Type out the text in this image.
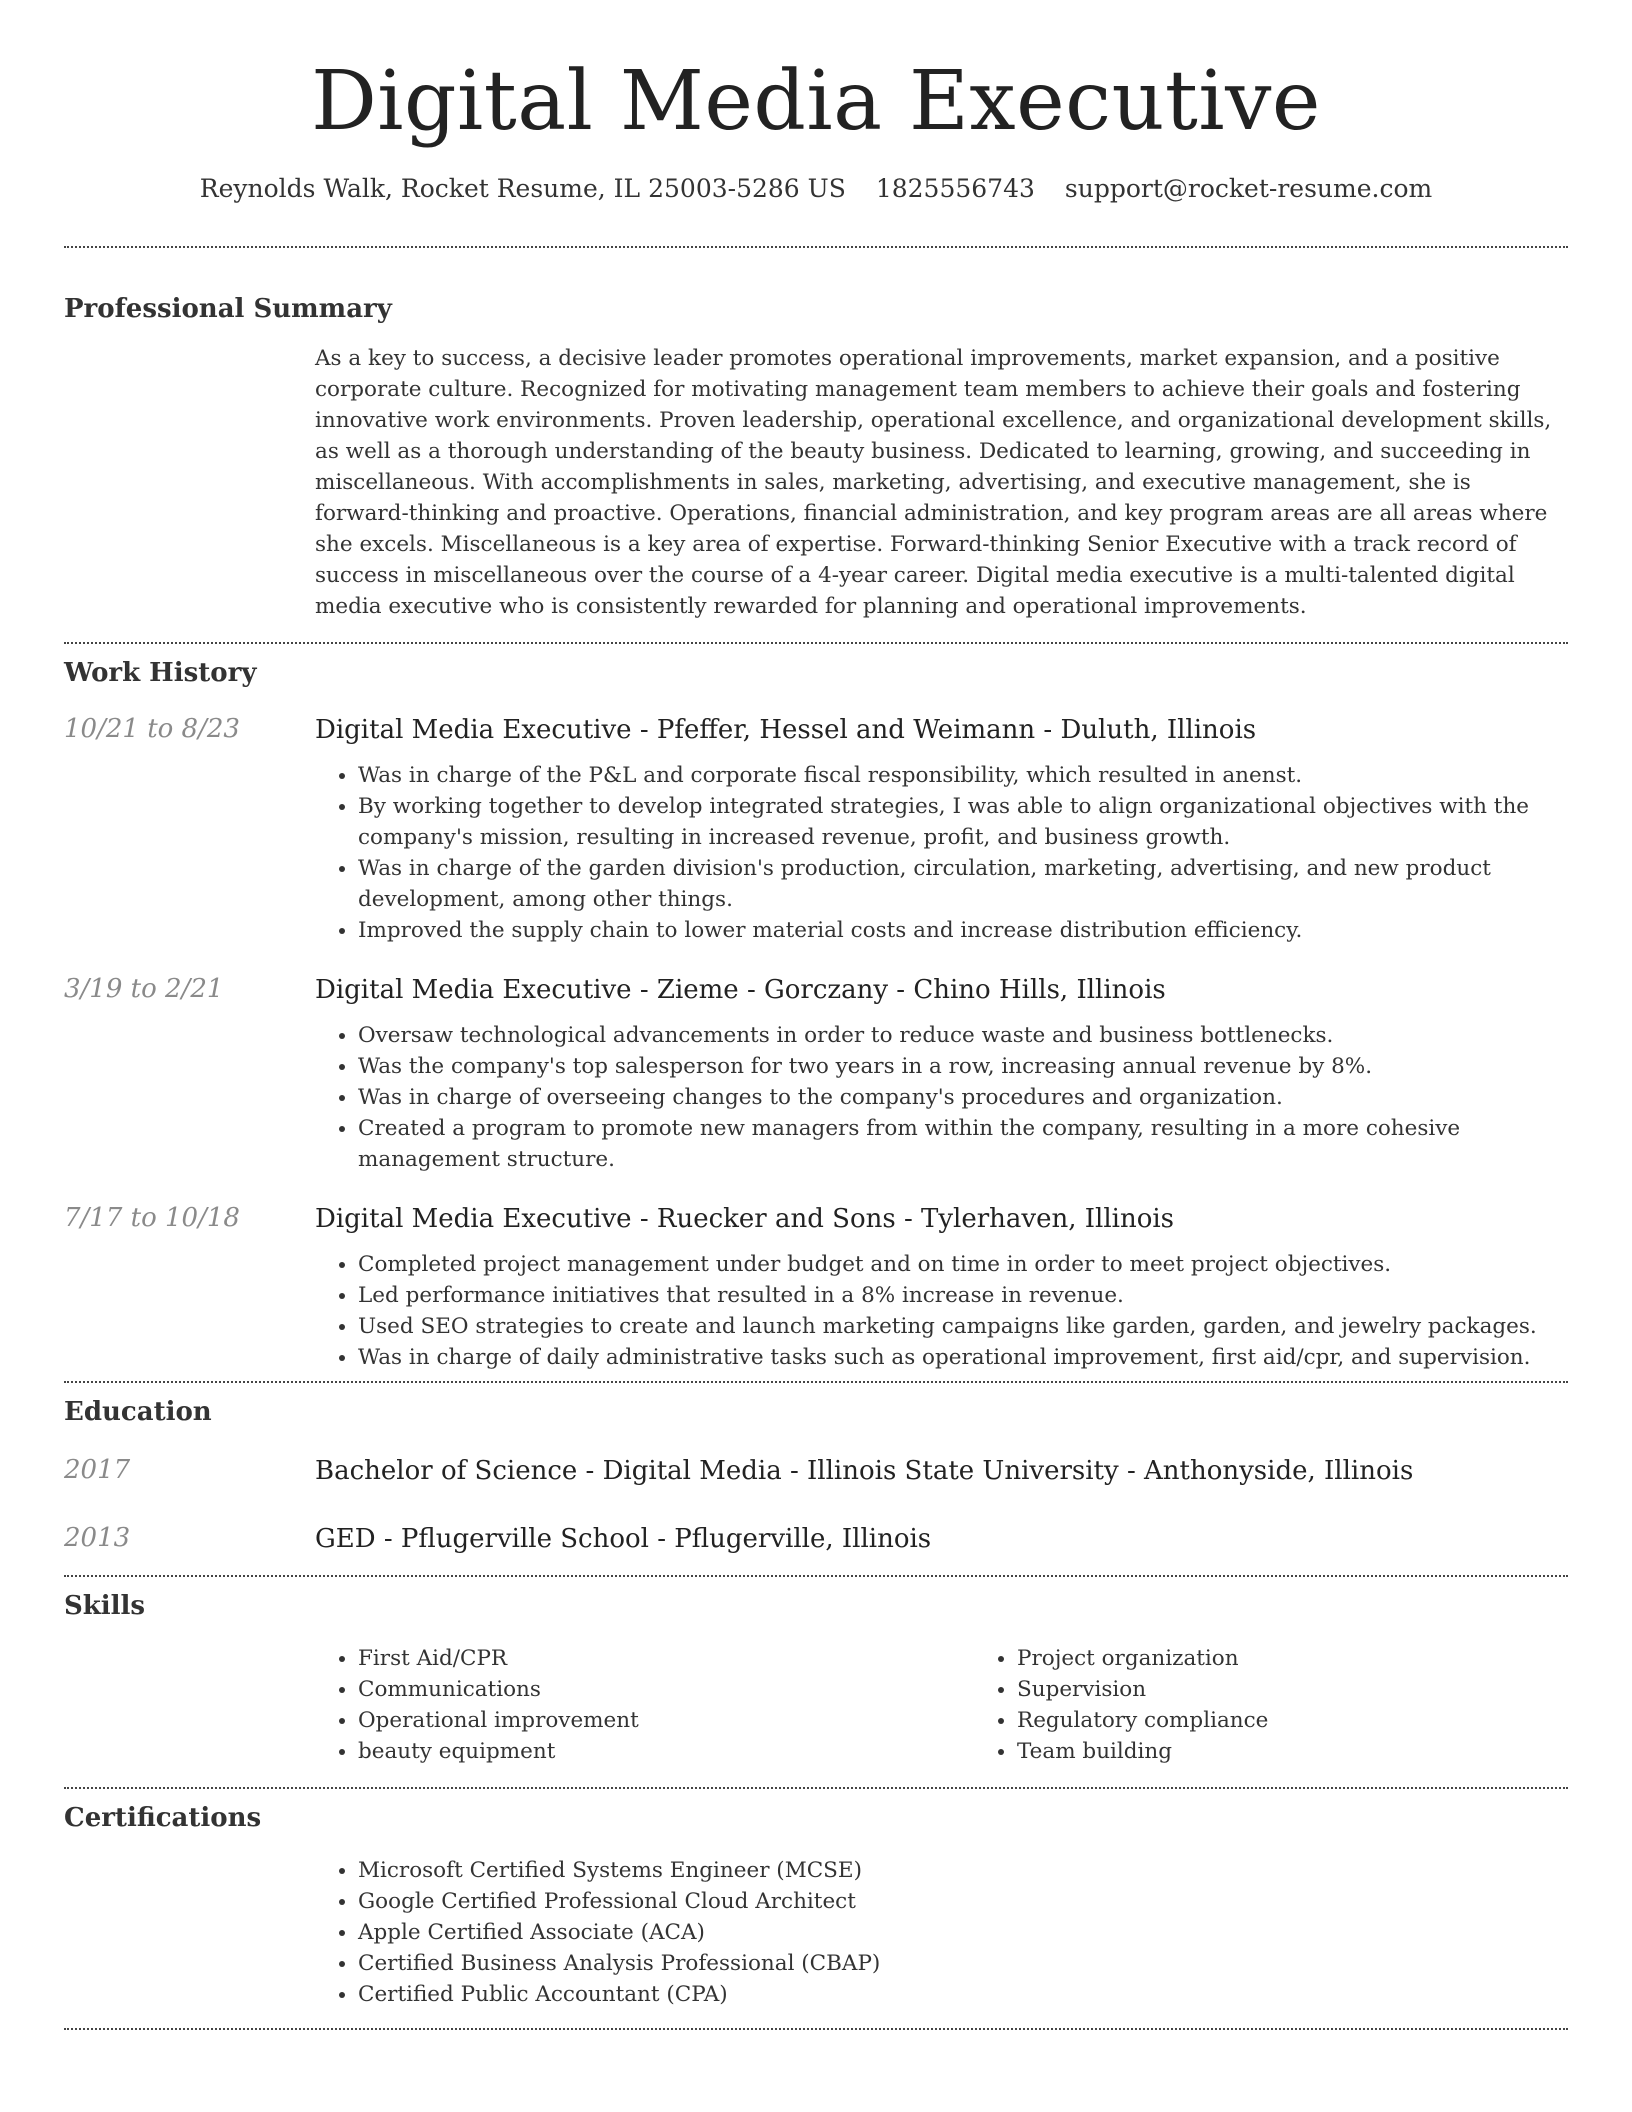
Digital Media Executive
Reynolds Walk, Rocket Resume, IL 25003-5286 US 1825556743 support@rocket-resume.com
Professional Summary

As a key to success, a decisive leader promotes operational improvements, market expansion, and a positive corporate culture. Recognized for motivating management team members to achieve their goals and fostering innovative work environments. Proven leadership, operational excellence, and organizational development skills, as well as a thorough understanding of the beauty business. Dedicated to learning, growing, and succeeding in miscellaneous. With accomplishments in sales, marketing, advertising, and executive management, she is forward-thinking and proactive. Operations, financial administration, and key program areas are all areas where she excels. Miscellaneous is a key area of expertise. Forward-thinking Senior Executive with a track record of success in miscellaneous over the course of a 4-year career. Digital media executive is a multi-talented digital media executive who is consistently rewarded for planning and operational improvements.

Work History
10/21 to 8/23	Digital Media Executive - Pfeffer, Hessel and Weimann - Duluth, Illinois
• Was in charge of the P&L and corporate fiscal responsibility, which resulted in anenst.
• By working together to develop integrated strategies, I was able to align organizational objectives with the company's mission, resulting in increased revenue, profit, and business growth.
• Was in charge of the garden division's production, circulation, marketing, advertising, and new product development, among other things.
• Improved the supply chain to lower material costs and increase distribution efficiency.
3/19 to 2/21	Digital Media Executive - Zieme - Gorczany - Chino Hills, Illinois
• Oversaw technological advancements in order to reduce waste and business bottlenecks.
• Was the company's top salesperson for two years in a row, increasing annual revenue by 8%.
• Was in charge of overseeing changes to the company's procedures and organization.
• Created a program to promote new managers from within the company, resulting in a more cohesive management structure.
7/17 to 10/18	Digital Media Executive - Ruecker and Sons - Tylerhaven, Illinois
• Completed project management under budget and on time in order to meet project objectives.
• Led performance initiatives that resulted in a 8% increase in revenue.
• Used SEO strategies to create and launch marketing campaigns like garden, garden, and jewelry packages.
• Was in charge of daily administrative tasks such as operational improvement, first aid/cpr, and supervision.
Education
2017	Bachelor of Science - Digital Media - Illinois State University - Anthonyside, Illinois
2013	GED - Pflugerville School - Pflugerville, Illinois
Skills
• First Aid/CPR
• Communications
• Operational improvement
• beauty equipment
• Project organization
• Supervision
• Regulatory compliance
• Team building
Certifications
• Microsoft Certified Systems Engineer (MCSE)
• Google Certified Professional Cloud Architect
• Apple Certified Associate (ACA)
• Certified Business Analysis Professional (CBAP)
• Certified Public Accountant (CPA)
